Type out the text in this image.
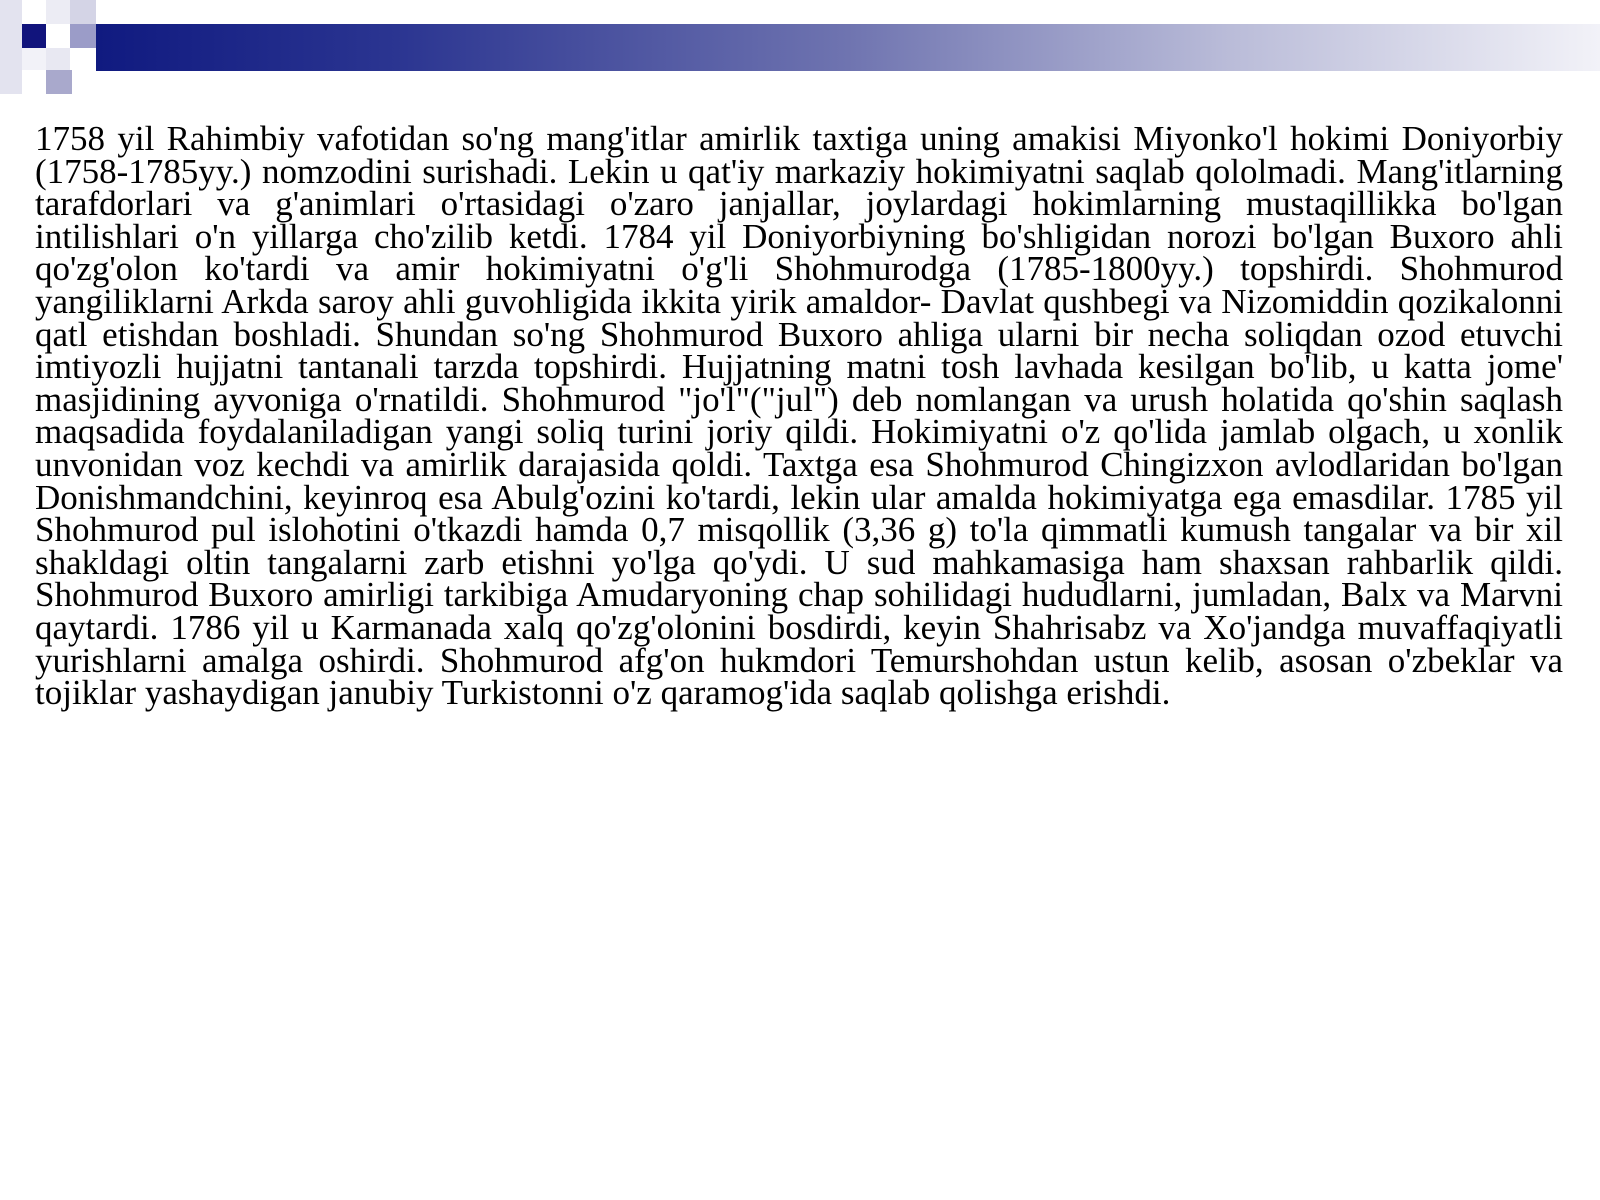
1758 yil Rahimbiy vafotidan so'ng mang'itlar amirlik taxtiga uning amakisi Miyonko'l hokimi Doniyorbiy (1758-1785yy.) nomzodini surishadi. Lekin u qat'iy markaziy hokimiyatni saqlab qololmadi. Mang'itlarning tarafdorlari va g'animlari o'rtasidagi o'zaro janjallar, joylardagi hokimlarning mustaqillikka bo'lgan intilishlari o'n yillarga cho'zilib ketdi. 1784 yil Doniyorbiyning bo'shligidan norozi bo'lgan Buxoro ahli qo'zg'olon ko'tardi va amir hokimiyatni o'g'li Shohmurodga (1785-1800yy.) topshirdi. Shohmurod yangiliklarni Arkda saroy ahli guvohligida ikkita yirik amaldor- Davlat qushbegi va Nizomiddin qozikalonni qatl etishdan boshladi. Shundan so'ng Shohmurod Buxoro ahliga ularni bir necha soliqdan ozod etuvchi imtiyozli hujjatni tantanali tarzda topshirdi. Hujjatning matni tosh lavhada kesilgan bo'lib, u katta jome' masjidining ayvoniga o'rnatildi. Shohmurod "jo'l"("jul") deb nomlangan va urush holatida qo'shin saqlash maqsadida foydalaniladigan yangi soliq turini joriy qildi. Hokimiyatni o'z qo'lida jamlab olgach, u xonlik unvonidan voz kechdi va amirlik darajasida qoldi. Taxtga esa Shohmurod Chingizxon avlodlaridan bo'lgan Donishmandchini, keyinroq esa Abulg'ozini ko'tardi, lekin ular amalda hokimiyatga ega emasdilar. 1785 yil Shohmurod pul islohotini o'tkazdi hamda 0,7 misqollik (3,36 g) to'la qimmatli kumush tangalar va bir xil shakldagi oltin tangalarni zarb etishni yo'lga qo'ydi. U sud mahkamasiga ham shaxsan rahbarlik qildi. Shohmurod Buxoro amirligi tarkibiga Amudaryoning chap sohilidagi hududlarni, jumladan, Balx va Marvni qaytardi. 1786 yil u Karmanada xalq qo'zg'olonini bosdirdi, keyin Shahrisabz va Xo'jandga muvaffaqiyatli yurishlarni amalga oshirdi. Shohmurod afg'on hukmdori Temurshohdan ustun kelib, asosan o'zbeklar va tojiklar yashaydigan janubiy Turkistonni o'z qaramog'ida saqlab qolishga erishdi.
